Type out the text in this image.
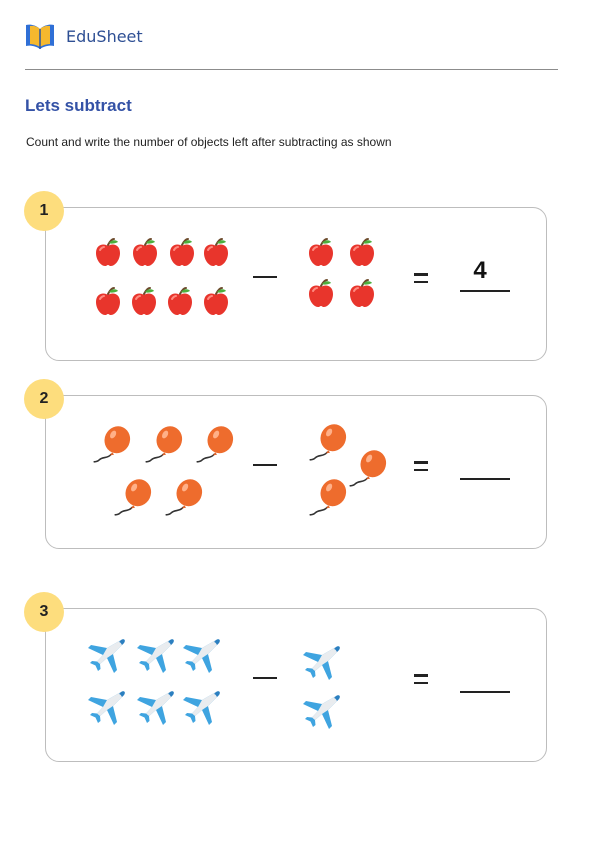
EduSheet
Lets subtract
Count and write the number of objects left after subtracting as shown
1
4
2
3
